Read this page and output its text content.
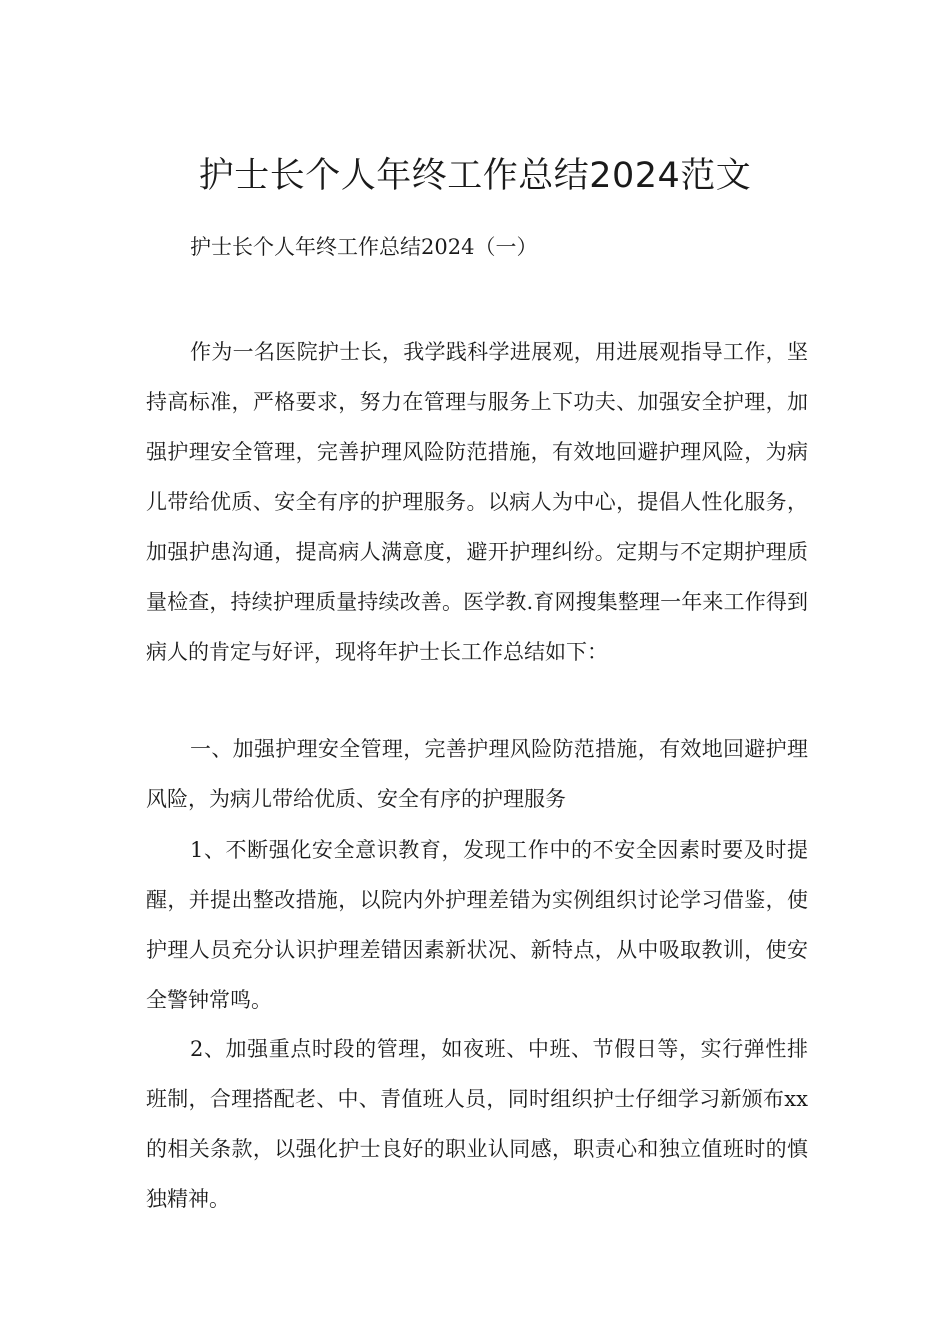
护士长个人年终工作总结2024范文

护士长个人年终工作总结2024（一）

作为一名医院护士长，我学践科学进展观，用进展观指导工作，坚持高标准，严格要求，努力在管理与服务上下功夫、加强安全护理，加强护理安全管理，完善护理风险防范措施，有效地回避护理风险，为病儿带给优质、安全有序的护理服务。以病人为中心，提倡人性化服务，加强护患沟通，提高病人满意度，避开护理纠纷。定期与不定期护理质量检查，持续护理质量持续改善。医学教.育网搜集整理一年来工作得到病人的肯定与好评，现将年护士长工作总结如下：

一、加强护理安全管理，完善护理风险防范措施，有效地回避护理风险，为病儿带给优质、安全有序的护理服务

1、不断强化安全意识教育，发现工作中的不安全因素时要及时提醒，并提出整改措施，以院内外护理差错为实例组织讨论学习借鉴，使护理人员充分认识护理差错因素新状况、新特点，从中吸取教训，使安全警钟常鸣。

2、加强重点时段的管理，如夜班、中班、节假日等，实行弹性排班制，合理搭配老、中、青值班人员，同时组织护士仔细学习新颁布xx的相关条款，以强化护士良好的职业认同感，职责心和独立值班时的慎独精神。
